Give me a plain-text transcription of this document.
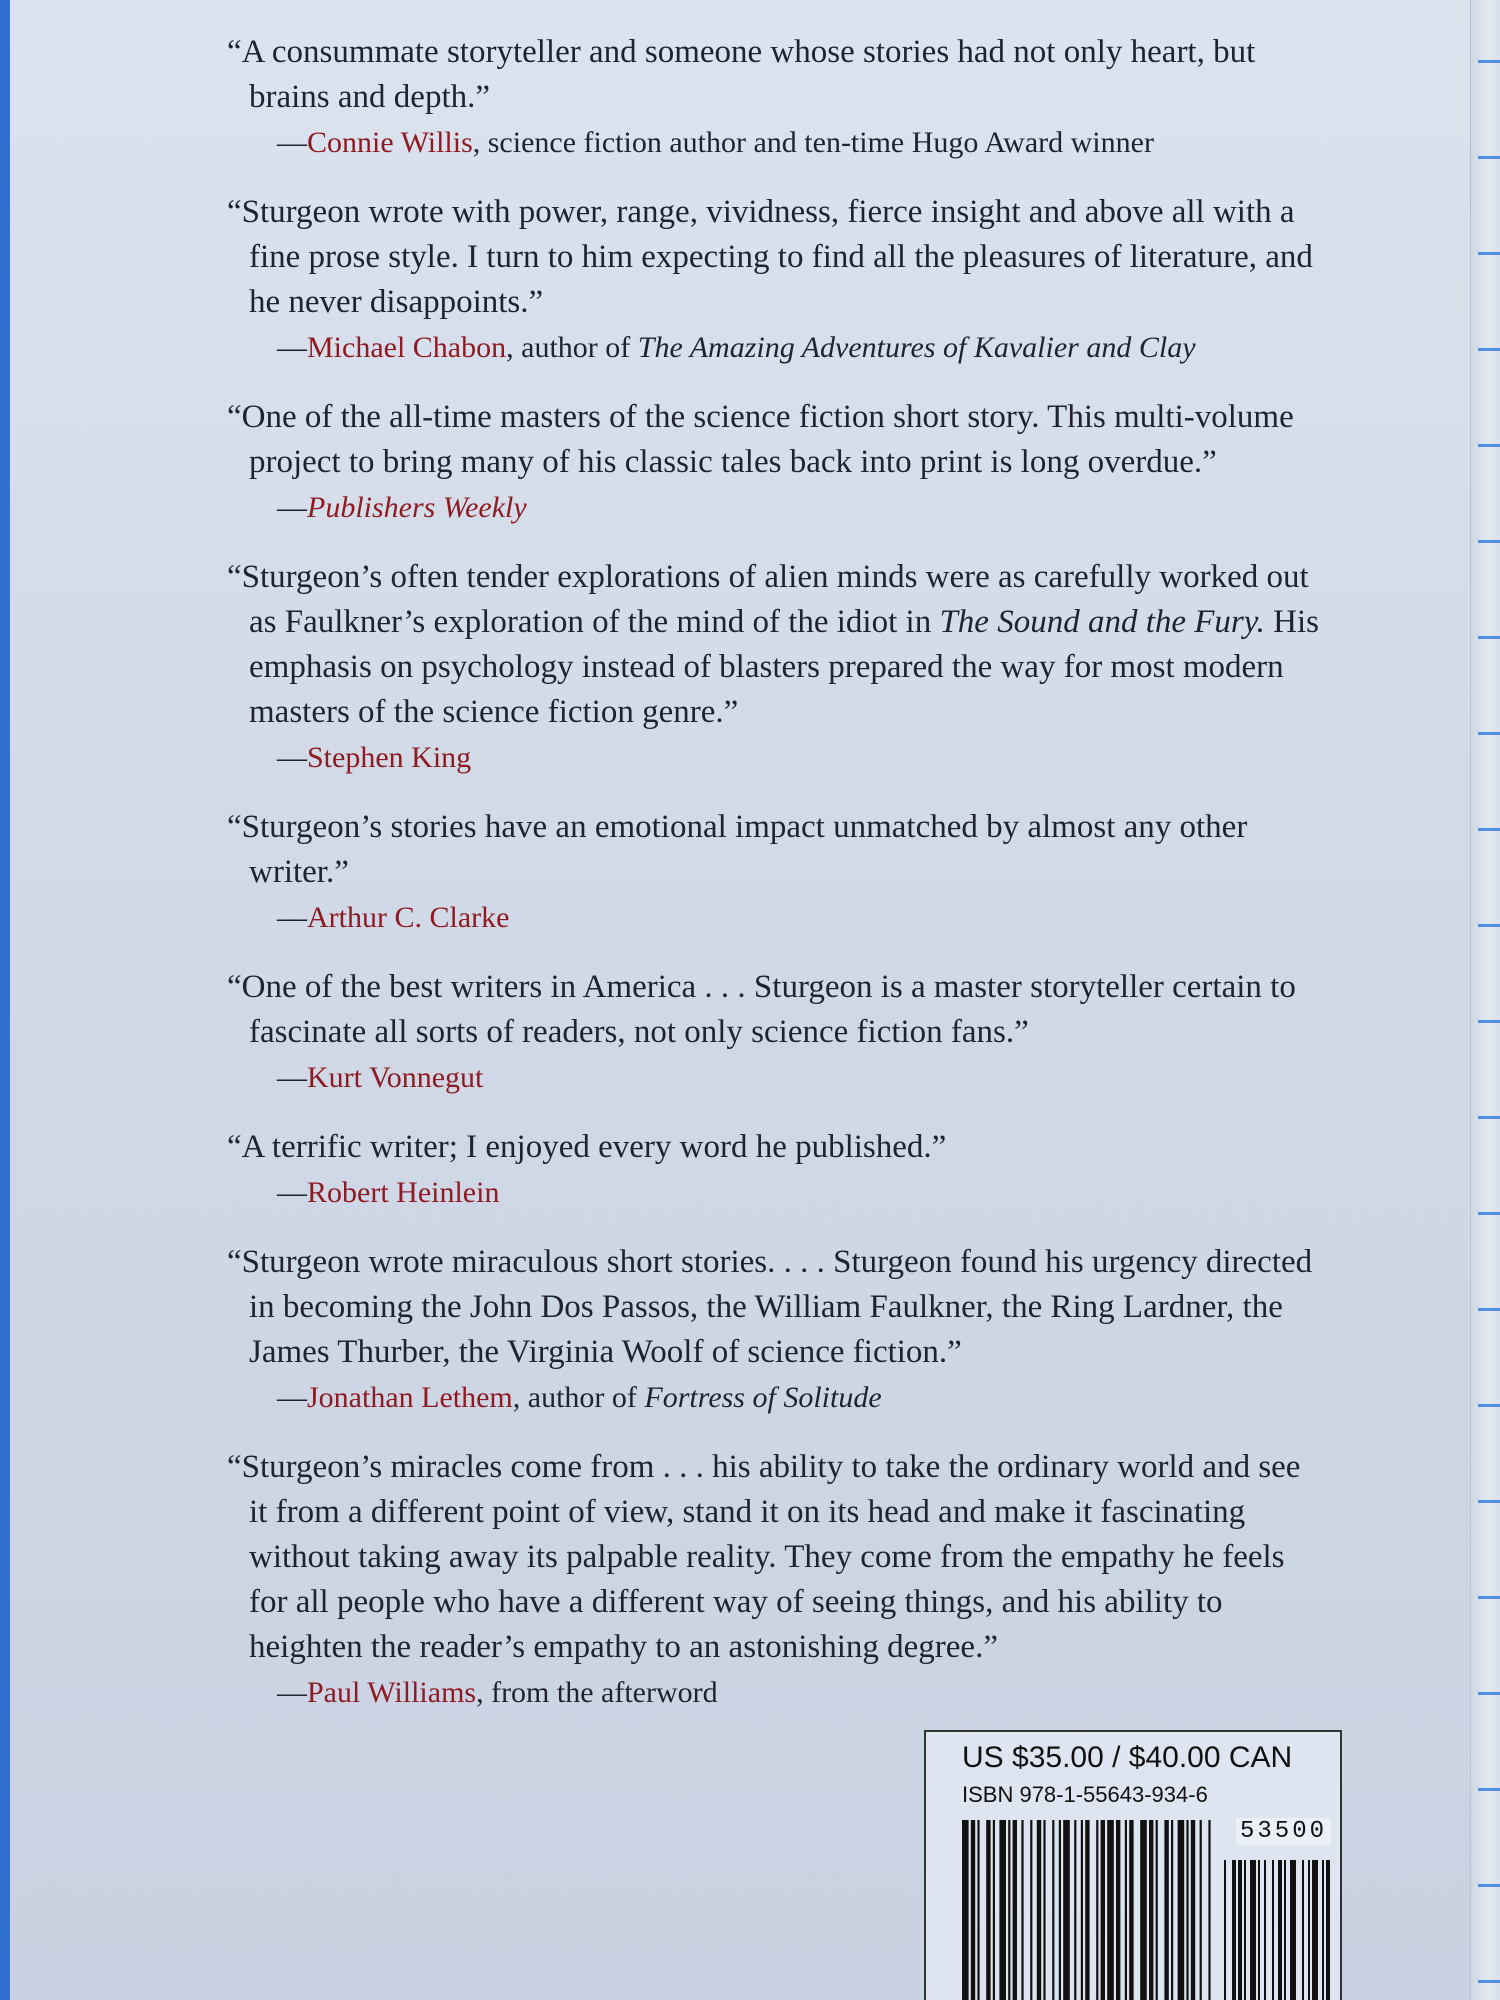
“A consummate storyteller and someone whose stories had not only heart, but brains and depth.”

—Connie Willis, science fiction author and ten-time Hugo Award winner

“Sturgeon wrote with power, range, vividness, fierce insight and above all with a fine prose style. I turn to him expecting to find all the pleasures of literature, and he never disappoints.”

—Michael Chabon, author of The Amazing Adventures of Kavalier and Clay

“One of the all-time masters of the science fiction short story. This multi-volume project to bring many of his classic tales back into print is long overdue.”

—Publishers Weekly

“Sturgeon’s often tender explorations of alien minds were as carefully worked out as Faulkner’s exploration of the mind of the idiot in The Sound and the Fury. His emphasis on psychology instead of blasters prepared the way for most modern masters of the science fiction genre.”

—Stephen King

“Sturgeon’s stories have an emotional impact unmatched by almost any other writer.”

—Arthur C. Clarke

“One of the best writers in America . . . Sturgeon is a master storyteller certain to fascinate all sorts of readers, not only science fiction fans.”

—Kurt Vonnegut

“A terrific writer; I enjoyed every word he published.”

—Robert Heinlein

“Sturgeon wrote miraculous short stories. . . . Sturgeon found his urgency directed in becoming the John Dos Passos, the William Faulkner, the Ring Lardner, the James Thurber, the Virginia Woolf of science fiction.”

—Jonathan Lethem, author of Fortress of Solitude

“Sturgeon’s miracles come from . . . his ability to take the ordinary world and see it from a different point of view, stand it on its head and make it fascinating without taking away its palpable reality. They come from the empathy he feels for all people who have a different way of seeing things, and his ability to heighten the reader’s empathy to an astonishing degree.”

—Paul Williams, from the afterword

US $35.00 / $40.00 CAN
ISBN 978-1-55643-934-6
53500
